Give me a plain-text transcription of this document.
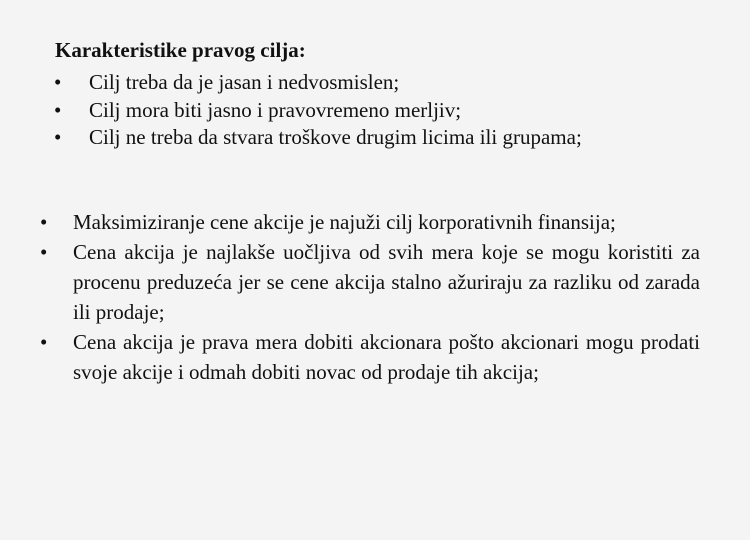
Karakteristike pravog cilja:

• Cilj treba da je jasan i nedvosmislen;
• Cilj mora biti jasno i pravovremeno merljiv;
• Cilj ne treba da stvara troškove drugim licima ili grupama;
• Maksimiziranje cene akcije je najuži cilj korporativnih finansija;
• Cena akcija je najlakše uočljiva od svih mera koje se mogu koristiti za procenu preduzeća jer se cene akcija stalno ažuriraju za razliku od zarada ili prodaje;
• Cena akcija je prava mera dobiti akcionara pošto akcionari mogu prodati svoje akcije i odmah dobiti novac od prodaje tih akcija;
